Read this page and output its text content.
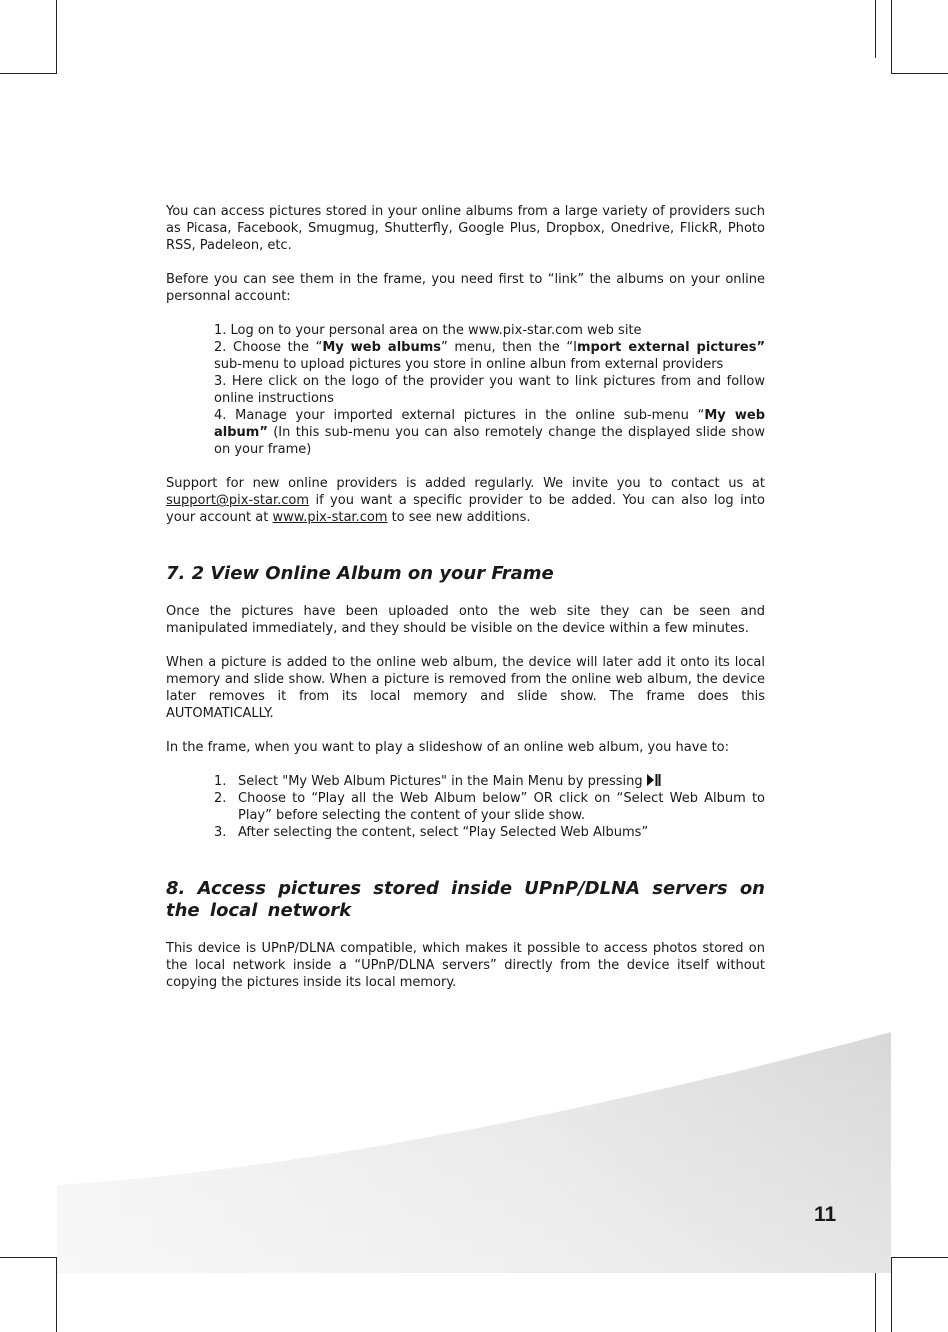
11

You can access pictures stored in your online albums from a large variety of providers such as Picasa, Facebook, Smugmug, Shutterfly, Google Plus, Dropbox, Onedrive, FlickR, Photo RSS, Padeleon, etc.

Before you can see them in the frame, you need first to “link” the albums on your online personnal account:

1. Log on to your personal area on the www.pix-star.com web site
2. Choose the “My web albums” menu, then the “Import external pictures” sub-menu to upload pictures you store in online albun from external providers
3. Here click on the logo of the provider you want to link pictures from and follow online instructions
4. Manage your imported external pictures in the online sub-menu “My web album” (In this sub-menu you can also remotely change the displayed slide show on your frame)

Support for new online providers is added regularly. We invite you to contact us at support@pix-star.com if you want a specific provider to be added. You can also log into your account at www.pix-star.com to see new additions.

7. 2 View Online Album on your Frame

Once the pictures have been uploaded onto the web site they can be seen and manipulated immediately, and they should be visible on the device within a few minutes.

When a picture is added to the online web album, the device will later add it onto its local memory and slide show. When a picture is removed from the online web album, the device later removes it from its local memory and slide show. The frame does this AUTOMATICALLY.

In the frame, when you want to play a slideshow of an online web album, you have to:

1. Select "My Web Album Pictures" in the Main Menu by pressing
2. Choose to “Play all the Web Album below” OR click on “Select Web Album to Play” before selecting the content of your slide show.
3. After selecting the content, select “Play Selected Web Albums”
8. Access pictures stored inside UPnP/DLNA servers on the local network

This device is UPnP/DLNA compatible, which makes it possible to access photos stored on the local network inside a “UPnP/DLNA servers” directly from the device itself without copying the pictures inside its local memory.
